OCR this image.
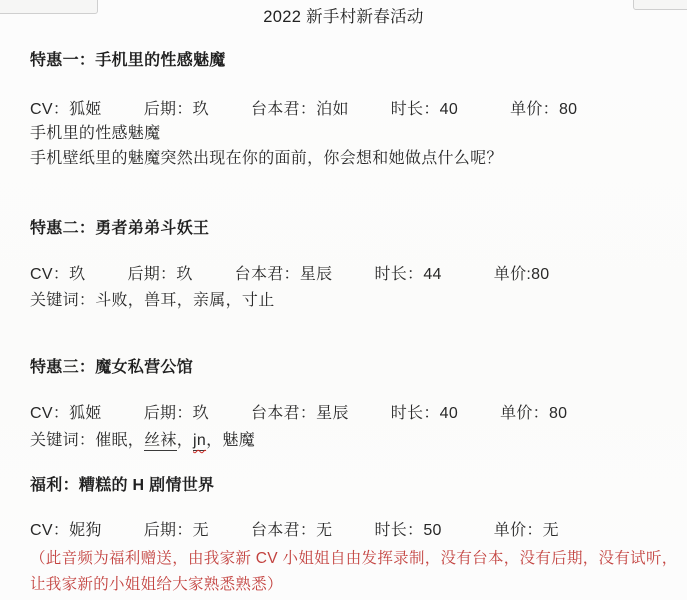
2022 新手村新春活动
特惠一：手机里的性感魅魔
CV：狐姬	后期：玖	台本君：泊如	时长：40	单价：80
手机里的性感魅魔
手机壁纸里的魅魔突然出现在你的面前，你会想和她做点什么呢？
特惠二：勇者弟弟斗妖王
CV：玖	后期：玖	台本君：星辰	时长：44	单价:80
关键词：斗败，兽耳，亲属，寸止
特惠三：魔女私营公馆
CV：狐姬	后期：玖	台本君：星辰	时长：40	单价：80
关键词：催眠，丝袜，jn，魅魔
福利：糟糕的 H 剧情世界
CV：妮狗	后期：无	台本君：无	时长：50	单价：无
（此音频为福利赠送，由我家新 CV 小姐姐自由发挥录制，没有台本，没有后期，没有试听，
让我家新的小姐姐给大家熟悉熟悉）
